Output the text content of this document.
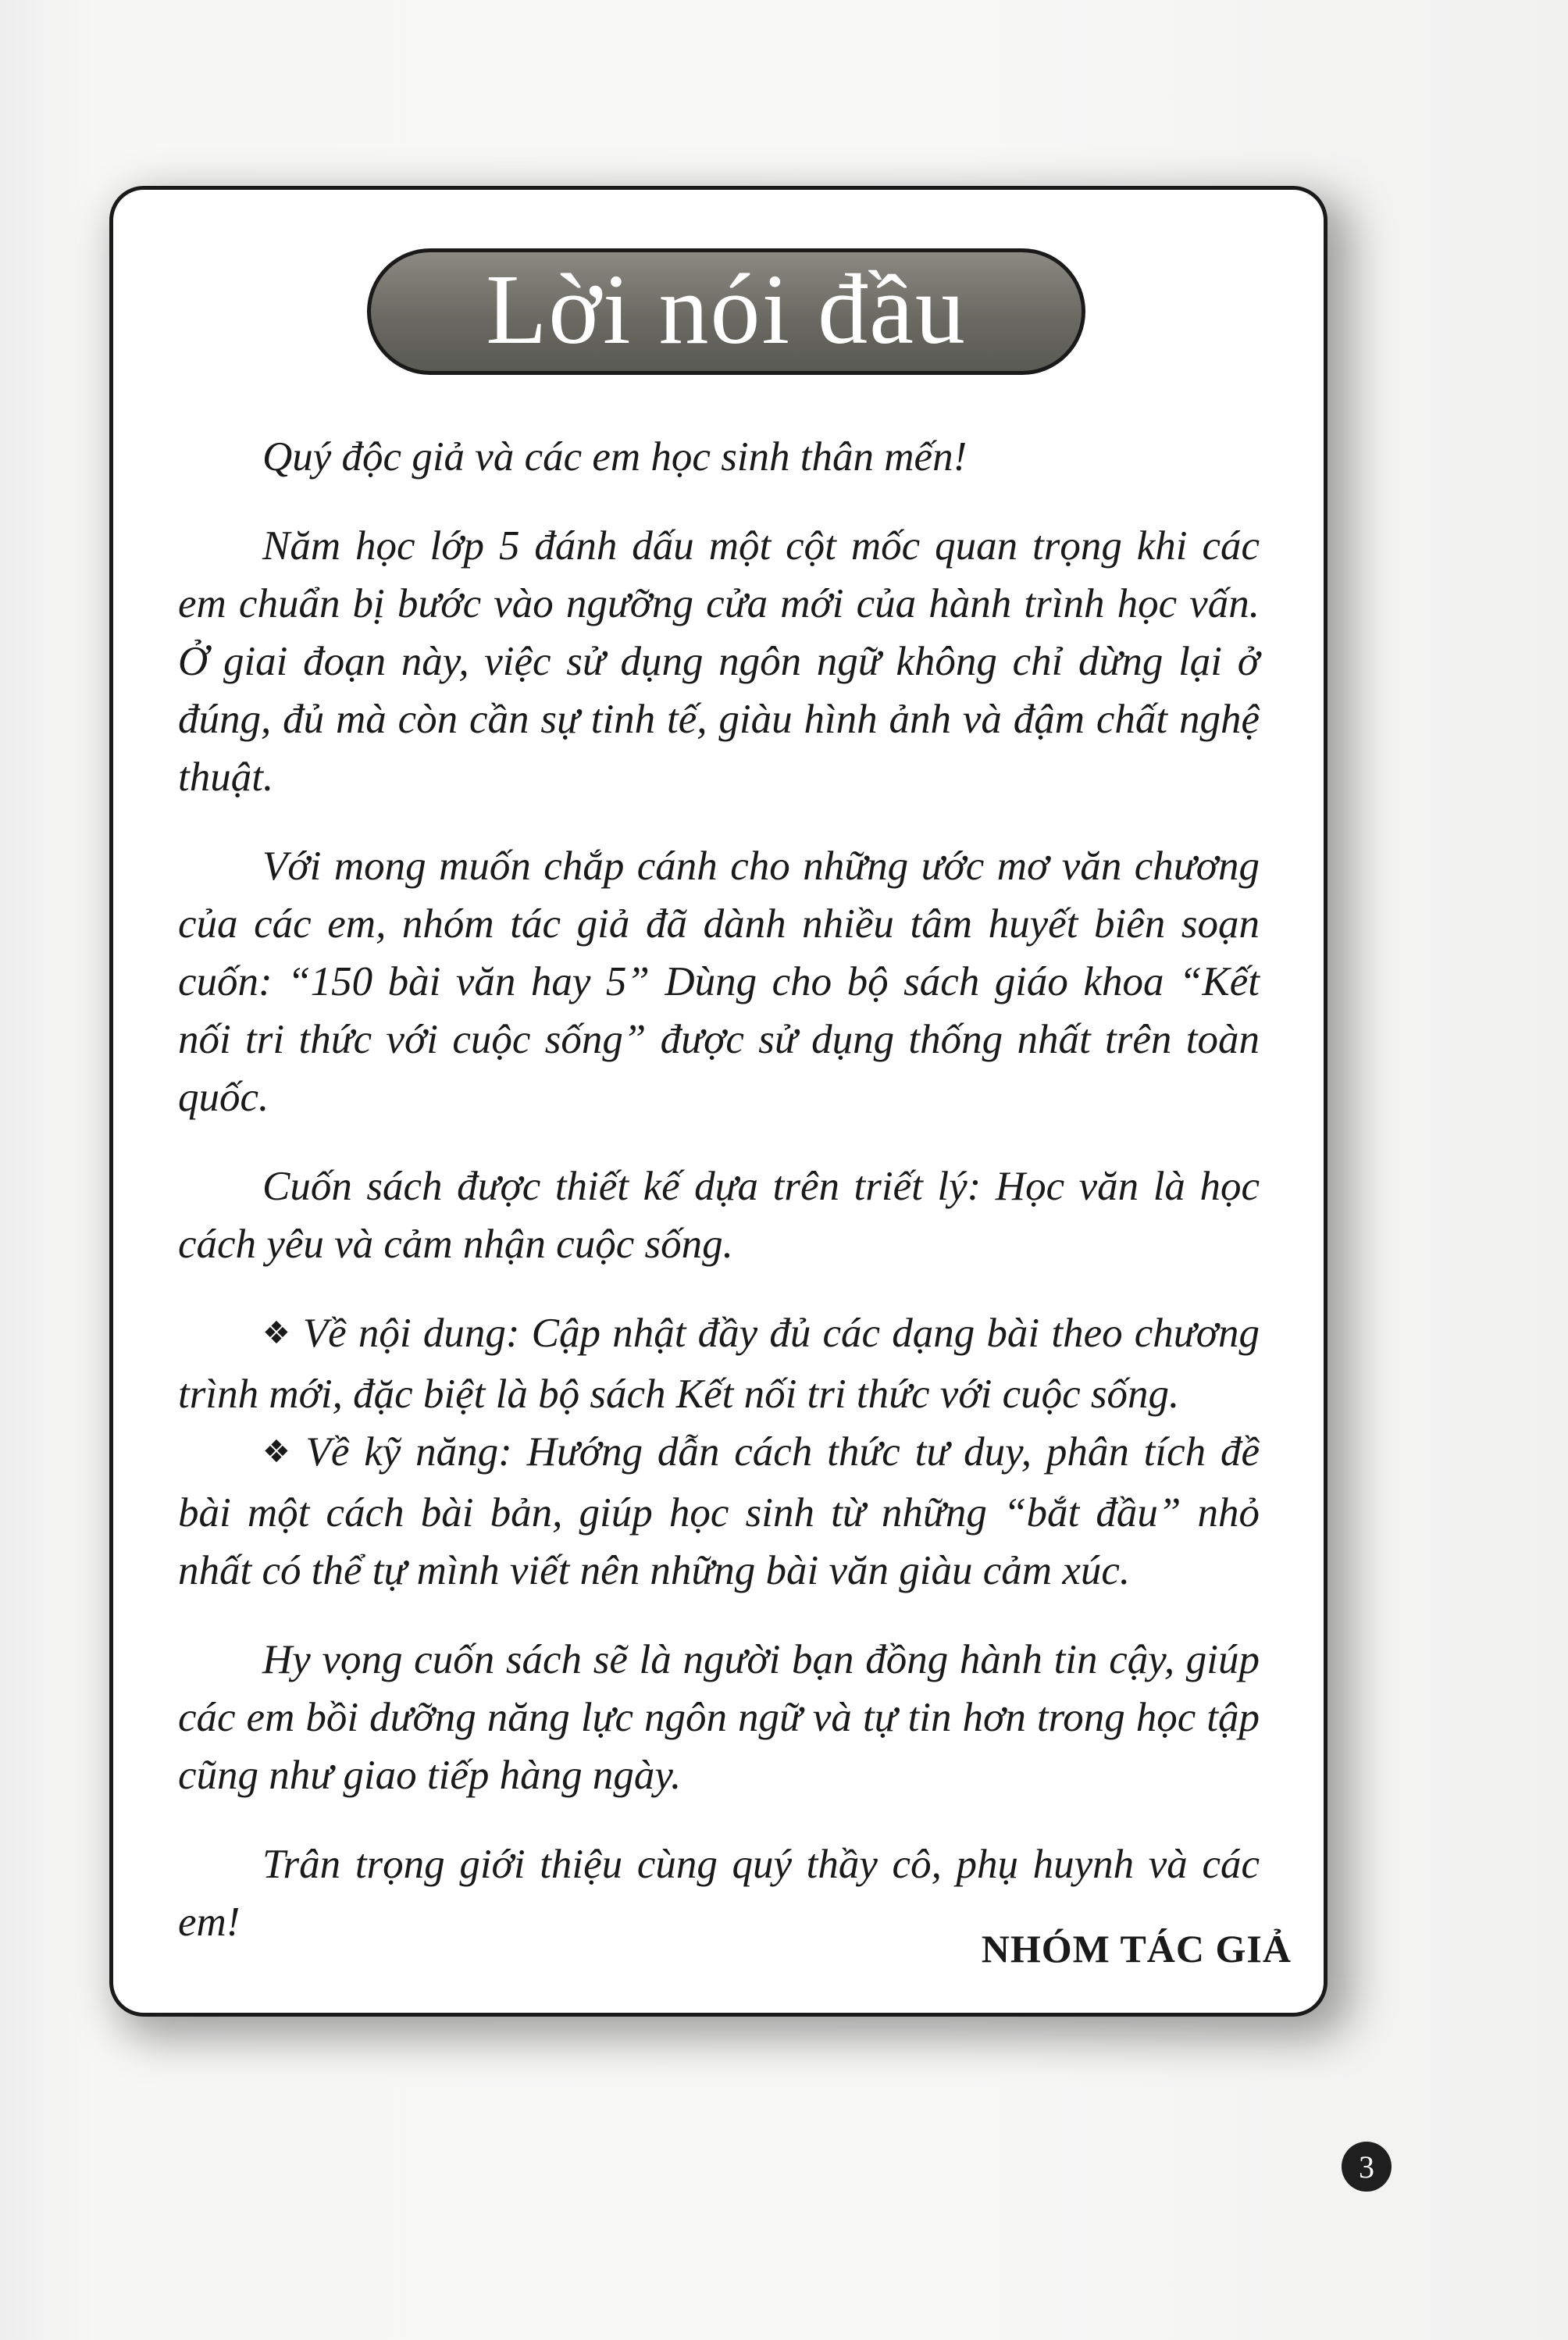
Lời nói đầu

Quý độc giả và các em học sinh thân mến!

Năm học lớp 5 đánh dấu một cột mốc quan trọng khi các em chuẩn bị bước vào ngưỡng cửa mới của hành trình học vấn. Ở giai đoạn này, việc sử dụng ngôn ngữ không chỉ dừng lại ở đúng, đủ mà còn cần sự tinh tế, giàu hình ảnh và đậm chất nghệ thuật.

Với mong muốn chắp cánh cho những ước mơ văn chương của các em, nhóm tác giả đã dành nhiều tâm huyết biên soạn cuốn: “150 bài văn hay 5” Dùng cho bộ sách giáo khoa “Kết nối tri thức với cuộc sống” được sử dụng thống nhất trên toàn quốc.

Cuốn sách được thiết kế dựa trên triết lý: Học văn là học cách yêu và cảm nhận cuộc sống.

❖ Về nội dung: Cập nhật đầy đủ các dạng bài theo chương trình mới, đặc biệt là bộ sách Kết nối tri thức với cuộc sống.

❖ Về kỹ năng: Hướng dẫn cách thức tư duy, phân tích đề bài một cách bài bản, giúp học sinh từ những “bắt đầu” nhỏ nhất có thể tự mình viết nên những bài văn giàu cảm xúc.

Hy vọng cuốn sách sẽ là người bạn đồng hành tin cậy, giúp các em bồi dưỡng năng lực ngôn ngữ và tự tin hơn trong học tập cũng như giao tiếp hàng ngày.

Trân trọng giới thiệu cùng quý thầy cô, phụ huynh và các em!

NHÓM TÁC GIẢ
3
